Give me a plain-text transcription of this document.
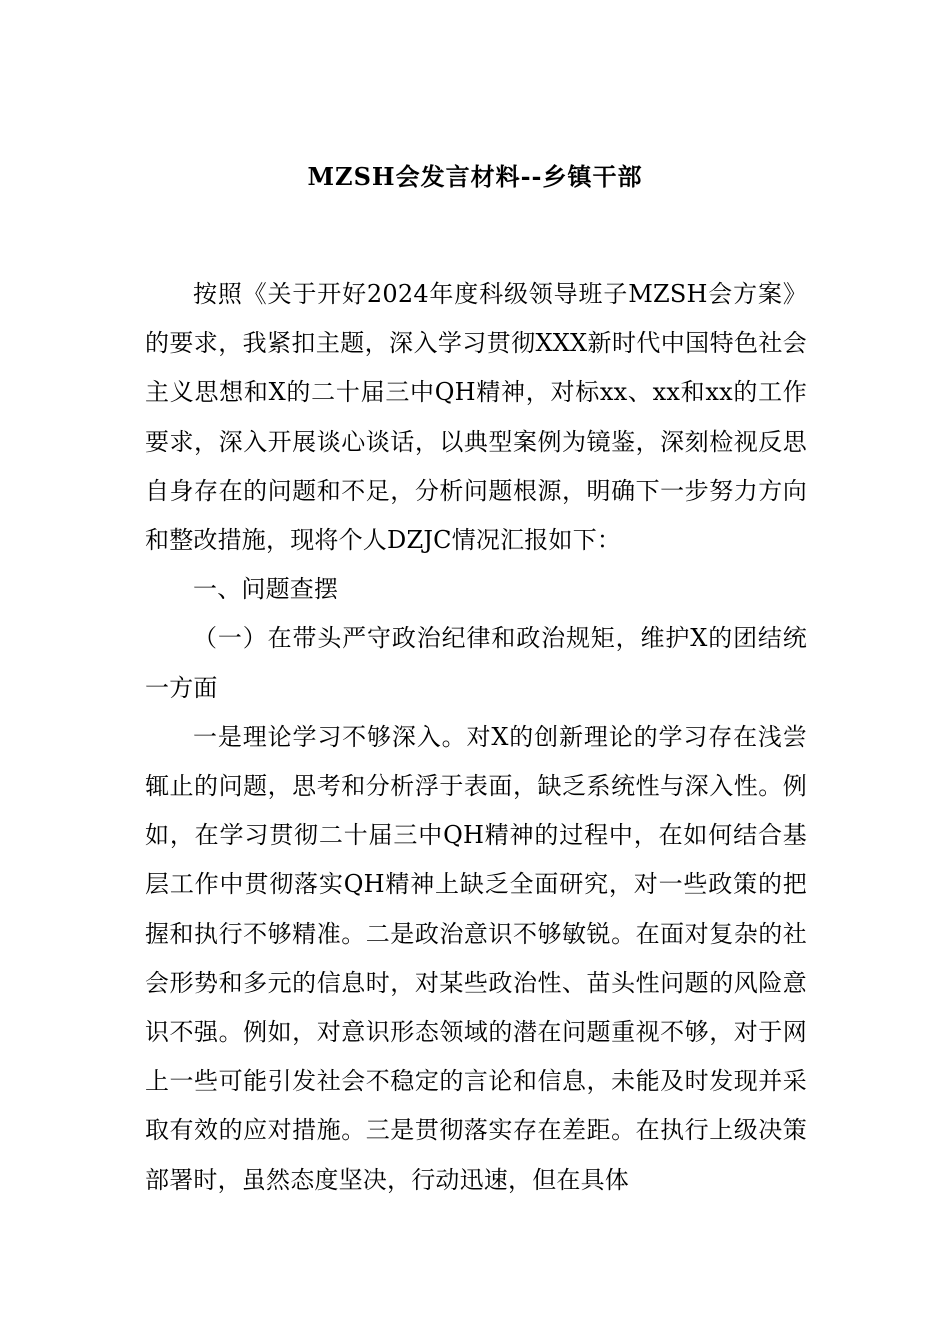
MZSH会发言材料--乡镇干部

按照《关于开好2024年度科级领导班子MZSH会方案》的要求，我紧扣主题，深入学习贯彻XXX新时代中国特色社会主义思想和X的二十届三中QH精神，对标xx、xx和xx的工作要求，深入开展谈心谈话，以典型案例为镜鉴，深刻检视反思自身存在的问题和不足，分析问题根源，明确下一步努力方向和整改措施，现将个人DZJC情况汇报如下：

一、问题查摆

（一）在带头严守政治纪律和政治规矩，维护X的团结统一方面

一是理论学习不够深入。对X的创新理论的学习存在浅尝辄止的问题，思考和分析浮于表面，缺乏系统性与深入性。例如，在学习贯彻二十届三中QH精神的过程中，在如何结合基层工作中贯彻落实QH精神上缺乏全面研究，对一些政策的把握和执行不够精准。二是政治意识不够敏锐。在面对复杂的社会形势和多元的信息时，对某些政治性、苗头性问题的风险意识不强。例如，对意识形态领域的潜在问题重视不够，对于网上一些可能引发社会不稳定的言论和信息，未能及时发现并采取有效的应对措施。三是贯彻落实存在差距。在执行上级决策部署时，虽然态度坚决，行动迅速，但在具体
